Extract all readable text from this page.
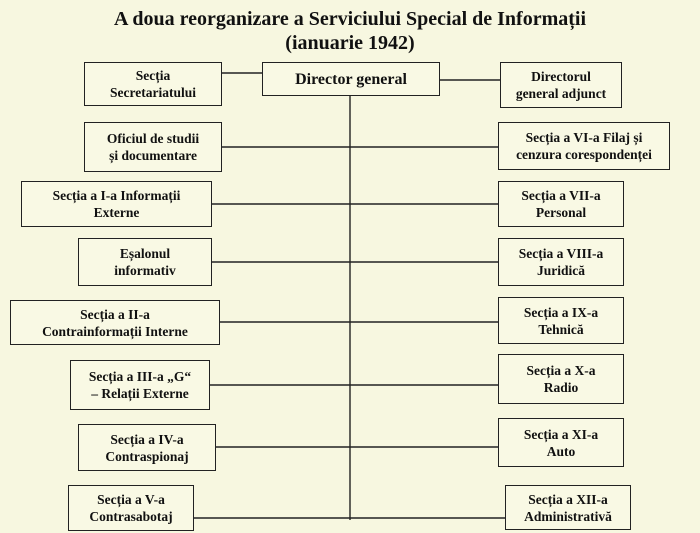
A doua reorganizare a Serviciului Special de Informații
(ianuarie 1942)
Director general
Secția
Secretariatului
Oficiul de studii
și documentare
Secția a I-a Informații
Externe
Eșalonul
informativ
Secția a II-a
Contrainformații Interne
Secția a III-a „G“
– Relații Externe
Secția a IV-a
Contraspionaj
Secția a V-a
Contrasabotaj
Directorul
general adjunct
Secția a VI-a Filaj și
cenzura corespondenței
Secția a VII-a
Personal
Secția a VIII-a
Juridică
Secția a IX-a
Tehnică
Secția a X-a
Radio
Secția a XI-a
Auto
Secția a XII-a
Administrativă
